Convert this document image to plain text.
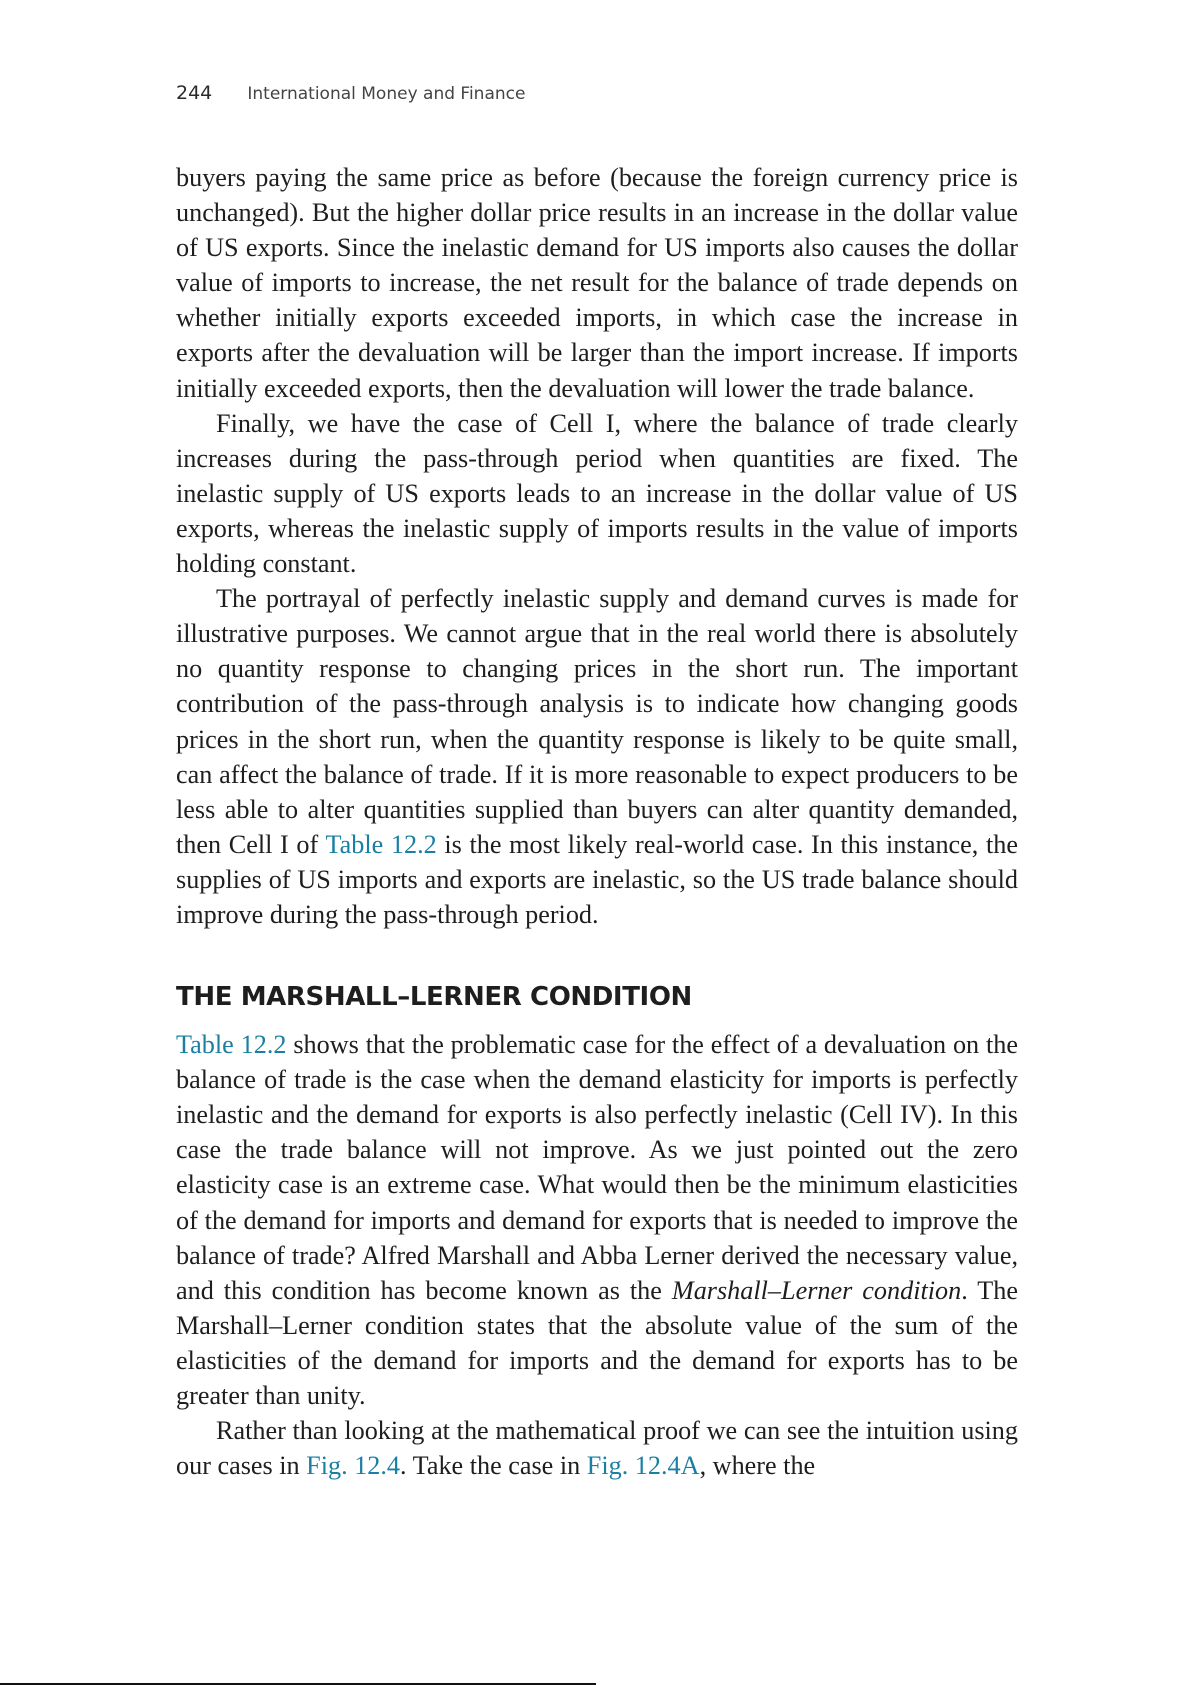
244 International Money and Finance

buyers paying the same price as before (because the foreign currency price is unchanged). But the higher dollar price results in an increase in the dollar value of US exports. Since the inelastic demand for US imports also causes the dollar value of imports to increase, the net result for the balance of trade depends on whether initially exports exceeded imports, in which case the increase in exports after the devaluation will be larger than the import increase. If imports initially exceeded exports, then the devaluation will lower the trade balance.

Finally, we have the case of Cell I, where the balance of trade clearly increases during the pass-through period when quantities are fixed. The inelastic supply of US exports leads to an increase in the dollar value of US exports, whereas the inelastic supply of imports results in the value of imports holding constant.

The portrayal of perfectly inelastic supply and demand curves is made for illustrative purposes. We cannot argue that in the real world there is absolutely no quantity response to changing prices in the short run. The important contribution of the pass-through analysis is to indicate how changing goods prices in the short run, when the quantity response is likely to be quite small, can affect the balance of trade. If it is more reasonable to expect producers to be less able to alter quantities supplied than buyers can alter quantity demanded, then Cell I of Table 12.2 is the most likely real-world case. In this instance, the supplies of US imports and exports are inelastic, so the US trade balance should improve during the pass-through period.

THE MARSHALL–LERNER CONDITION

Table 12.2 shows that the problematic case for the effect of a devaluation on the balance of trade is the case when the demand elasticity for imports is perfectly inelastic and the demand for exports is also perfectly inelastic (Cell IV). In this case the trade balance will not improve. As we just pointed out the zero elasticity case is an extreme case. What would then be the minimum elasticities of the demand for imports and demand for exports that is needed to improve the balance of trade? Alfred Marshall and Abba Lerner derived the necessary value, and this condition has become known as the Marshall–Lerner condition. The Marshall–Lerner condition states that the absolute value of the sum of the elasticities of the demand for imports and the demand for exports has to be greater than unity.

Rather than looking at the mathematical proof we can see the intuition using our cases in Fig. 12.4. Take the case in Fig. 12.4A, where the
